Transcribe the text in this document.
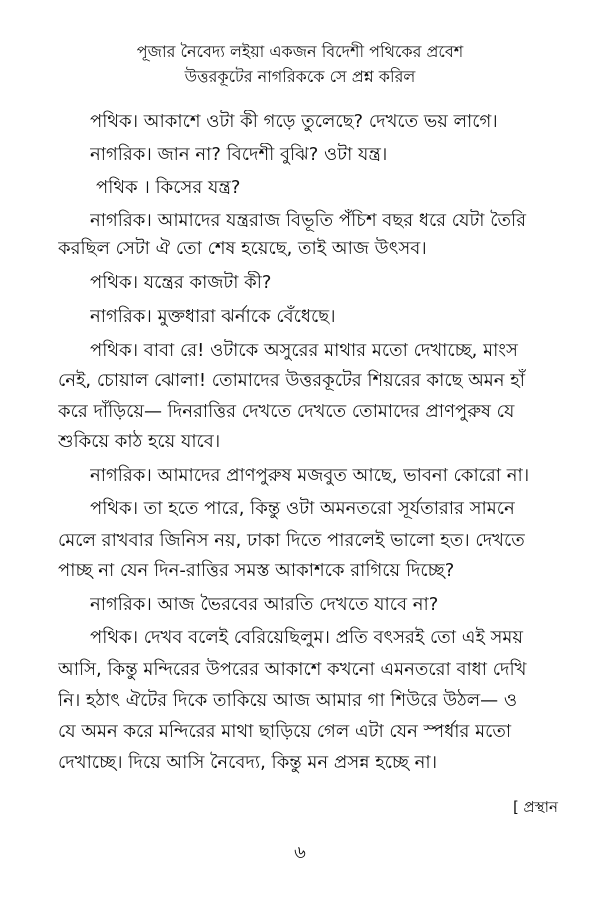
পূজার নৈবেদ্য লইয়া একজন বিদেশী পথিকের প্রবেশ
উত্তরকূটের নাগরিককে সে প্রশ্ন করিল
পথিক। আকাশে ওটা কী গড়ে তুলেছে? দেখতে ভয় লাগে।
নাগরিক। জান না? বিদেশী বুঝি? ওটা যন্ত্র।
পথিক । কিসের যন্ত্র?
নাগরিক। আমাদের যন্ত্ররাজ বিভূতি পঁচিশ বছর ধরে যেটা তৈরি
করছিল সেটা ঐ তো শেষ হয়েছে, তাই আজ উৎসব।
পথিক। যন্ত্রের কাজটা কী?
নাগরিক। মুক্তধারা ঝর্নাকে বেঁধেছে।
পথিক। বাবা রে! ওটাকে অসুরের মাথার মতো দেখাচ্ছে, মাংস
নেই, চোয়াল ঝোলা! তোমাদের উত্তরকূটের শিয়রের কাছে অমন হাঁ
করে দাঁড়িয়ে— দিনরাত্তির দেখতে দেখতে তোমাদের প্রাণপুরুষ যে
শুকিয়ে কাঠ হয়ে যাবে।
নাগরিক। আমাদের প্রাণপুরুষ মজবুত আছে, ভাবনা কোরো না।
পথিক। তা হতে পারে, কিন্তু ওটা অমনতরো সূর্যতারার সামনে
মেলে রাখবার জিনিস নয়, ঢাকা দিতে পারলেই ভালো হত। দেখতে
পাচ্ছ না যেন দিন-রাত্তির সমস্ত আকাশকে রাগিয়ে দিচ্ছে?
নাগরিক। আজ ভৈরবের আরতি দেখতে যাবে না?
পথিক। দেখব বলেই বেরিয়েছিলুম। প্রতি বৎসরই তো এই সময়
আসি, কিন্তু মন্দিরের উপরের আকাশে কখনো এমনতরো বাধা দেখি
নি। হঠাৎ ঐটের দিকে তাকিয়ে আজ আমার গা শিউরে উঠল— ও
যে অমন করে মন্দিরের মাথা ছাড়িয়ে গেল এটা যেন স্পর্ধার মতো
দেখাচ্ছে। দিয়ে আসি নৈবেদ্য, কিন্তু মন প্রসন্ন হচ্ছে না।
[ প্রস্থান
৬
